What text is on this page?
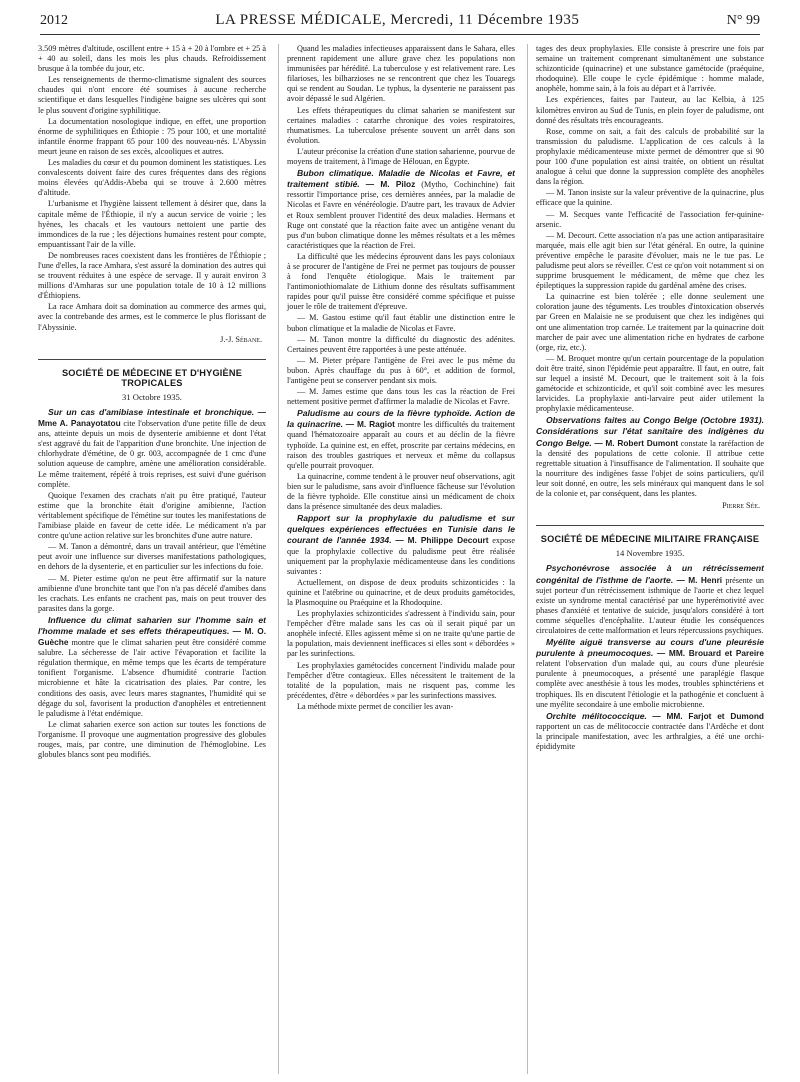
2012	LA PRESSE MÉDICALE, Mercredi, 11 Décembre 1935	N° 99

3.509 mètres d'altitude, oscillent entre + 15 à + 20 à l'ombre et + 25 à + 40 au soleil, dans les mois les plus chauds. Refroidissement brusque à la tombée du jour, etc.

Les renseignements de thermo-climatisme signalent des sources chaudes qui n'ont encore été soumises à aucune recherche scientifique et dans lesquelles l'indigène baigne ses ulcères qui sont le plus souvent d'origine syphilitique.

La documentation nosologique indique, en effet, une proportion énorme de syphilitiques en Éthiopie : 75 pour 100, et une mortalité infantile énorme frappant 65 pour 100 des nouveau-nés. L'Abyssin meurt jeune en raison de ses excès, alcooliques et autres.

Les maladies du cœur et du poumon dominent les statistiques. Les convalescents doivent faire des cures fréquentes dans des régions moins élevées qu'Addis-Abeba qui se trouve à 2.600 mètres d'altitude.

L'urbanisme et l'hygiène laissent tellement à désirer que, dans la capitale même de l'Éthiopie, il n'y a aucun service de voirie ; les hyènes, les chacals et les vautours nettoient une partie des immondices de la rue ; les déjections humaines restent pour compte, empuantissant l'air de la ville.

De nombreuses races coexistent dans les frontières de l'Éthiopie ; l'une d'elles, la race Amhara, s'est assuré la domination des autres qui se trouvent réduites à une espèce de servage. Il y aurait environ 3 millions d'Amharas sur une population totale de 10 à 12 millions d'Éthiopiens.

La race Amhara doit sa domination au commerce des armes qui, avec la contrebande des armes, est le commerce le plus florissant de l'Abyssinie.

J.-J. Sébane.

SOCIÉTÉ DE MÉDECINE ET D'HYGIÈNE TROPICALES
31 Octobre 1935.

Sur un cas d'amibiase intestinale et bronchique. — Mme A. Panayotatou cite l'observation d'une petite fille de deux ans, atteinte depuis un mois de dysenterie amibienne et dont l'état s'est aggravé du fait de l'apparition d'une bronchite. Une injection de chlorhydrate d'émétine, de 0 gr. 003, accompagnée de 1 cmc d'une solution aqueuse de camphre, amène une amélioration considérable. Le même traitement, répété à trois reprises, est suivi d'une guérison complète.

Quoique l'examen des crachats n'ait pu être pratiqué, l'auteur estime que la bronchite était d'origine amibienne, l'action véritablement spécifique de l'émétine sur toutes les manifestations de l'amibiase plaide en faveur de cette idée. Le médicament n'a par contre qu'une action relative sur les bronchites d'une autre nature.

— M. Tanon a démontré, dans un travail antérieur, que l'émétine peut avoir une influence sur diverses manifestations pathologiques, en dehors de la dysenterie, et en particulier sur les infections du foie.

— M. Pieter estime qu'on ne peut être affirmatif sur la nature amibienne d'une bronchite tant que l'on n'a pas décelé d'amibes dans les crachats. Les enfants ne crachent pas, mais on peut trouver des parasites dans la gorge.

Influence du climat saharien sur l'homme sain et l'homme malade et ses effets thérapeutiques. — M. O. Guèche montre que le climat saharien peut être considéré comme salubre. La sécheresse de l'air active l'évaporation et facilite la régulation thermique, en même temps que les écarts de température tonifient l'organisme. L'absence d'humidité contrarie l'action microbienne et hâte la cicatrisation des plaies. Par contre, les conditions des oasis, avec leurs mares stagnantes, l'humidité qui se dégage du sol, favorisent la production d'anophèles et entretiennent le paludisme à l'état endémique.

Le climat saharien exerce son action sur toutes les fonctions de l'organisme. Il provoque une augmentation progressive des globules rouges, mais, par contre, une diminution de l'hémoglobine. Les globules blancs sont peu modifiés.

Quand les maladies infectieuses apparaissent dans le Sahara, elles prennent rapidement une allure grave chez les populations non immunisées par hérédité. La tuberculose y est relativement rare. Les filarioses, les bilharzioses ne se rencontrent que chez les Touaregs qui se rendent au Soudan. Le typhus, la dysenterie ne paraissent pas avoir dépassé le sud Algérien.

Les effets thérapeutiques du climat saharien se manifestent sur certaines maladies : catarrhe chronique des voies respiratoires, rhumatismes. La tuberculose présente souvent un arrêt dans son évolution.

L'auteur préconise la création d'une station saharienne, pourvue de moyens de traitement, à l'image de Hélouan, en Égypte.

Bubon climatique. Maladie de Nicolas et Favre, et traitement stibié. — M. Piloz (Mytho, Cochinchine) fait ressortir l'importance prise, ces dernières années, par la maladie de Nicolas et Favre en vénéréologie. D'autre part, les travaux de Advier et Roux semblent prouver l'identité des deux maladies. Hermans et Ruge ont constaté que la réaction faite avec un antigène venant du pus d'un bubon climatique donne les mêmes résultats et a les mêmes caractéristiques que la réaction de Frei.

La difficulté que les médecins éprouvent dans les pays coloniaux à se procurer de l'antigène de Frei ne permet pas toujours de pousser à fond l'enquête étiologique. Mais le traitement par l'antimoniothiomalate de Lithium donne des résultats suffisamment rapides pour qu'il puisse être considéré comme spécifique et puisse jouer le rôle de traitement d'épreuve.

— M. Gastou estime qu'il faut établir une distinction entre le bubon climatique et la maladie de Nicolas et Favre.

— M. Tanon montre la difficulté du diagnostic des adénites. Certaines peuvent être rapportées à une peste atténuée.

— M. Pieter prépare l'antigène de Frei avec le pus même du bubon. Après chauffage du pus à 60°, et addition de formol, l'antigène peut se conserver pendant six mois.

— M. James estime que dans tous les cas la réaction de Frei nettement positive permet d'affirmer la maladie de Nicolas et Favre.

Paludisme au cours de la fièvre typhoïde. Action de la quinacrine. — M. Ragiot montre les difficultés du traitement quand l'hématozoaire apparaît au cours et au déclin de la fièvre typhoïde. La quinine est, en effet, proscrite par certains médecins, en raison des troubles gastriques et nerveux et même du collapsus qu'elle pourrait provoquer.

La quinacrine, comme tendent à le prouver neuf observations, agit bien sur le paludisme, sans avoir d'influence fâcheuse sur l'évolution de la fièvre typhoïde. Elle constitue ainsi un médicament de choix dans la présence simultanée des deux maladies.

Rapport sur la prophylaxie du paludisme et sur quelques expériences effectuées en Tunisie dans le courant de l'année 1934. — M. Philippe Decourt expose que la prophylaxie collective du paludisme peut être réalisée uniquement par la prophylaxie médicamenteuse dans les conditions suivantes :

Actuellement, on dispose de deux produits schizonticides : la quinine et l'atébrine ou quinacrine, et de deux produits gamétocides, la Plasmoquine ou Praéquine et la Rhodoquine.

Les prophylaxies schizonticides s'adressent à l'individu sain, pour l'empêcher d'être malade sans les cas où il serait piqué par un anophèle infecté. Elles agissent même si on ne traite qu'une partie de la population, mais deviennent inefficaces si elles sont « débordées » par les surinfections.

Les prophylaxies gamétocides concernent l'individu malade pour l'empêcher d'être contagieux. Elles nécessitent le traitement de la totalité de la population, mais ne risquent pas, comme les précédentes, d'être « débordées » par les surinfections massives.

La méthode mixte permet de concilier les avan-

tages des deux prophylaxies. Elle consiste à prescrire une fois par semaine un traitement comprenant simultanément une substance schizonticide (quinacrine) et une substance gamétocide (praéquine, rhodoquine). Elle coupe le cycle épidémique : homme malade, anophèle, homme sain, à la fois au départ et à l'arrivée.

Les expériences, faites par l'auteur, au lac Kelbia, à 125 kilomètres environ au Sud de Tunis, en plein foyer de paludisme, ont donné des résultats très encourageants.

Rose, comme on sait, a fait des calculs de probabilité sur la transmission du paludisme. L'application de ces calculs à la prophylaxie médicamenteuse mixte permet de démontrer que si 90 pour 100 d'une population est ainsi traitée, on obtient un résultat analogue à celui que donne la suppression complète des anophèles dans la région.

— M. Tanon insiste sur la valeur préventive de la quinacrine, plus efficace que la quinine.

— M. Secques vante l'efficacité de l'association fer-quinine-arsenic.

— M. Decourt. Cette association n'a pas une action antiparasitaire marquée, mais elle agit bien sur l'état général. En outre, la quinine préventive empêche le parasite d'évoluer, mais ne le tue pas. Le paludisme peut alors se réveiller. C'est ce qu'on voit notamment si on supprime brusquement le médicament, de même que chez les épileptiques la suppression rapide du gardénal amène des crises.

La quinacrine est bien tolérée ; elle donne seulement une coloration jaune des téguments. Les troubles d'intoxication observés par Green en Malaisie ne se produisent que chez les indigènes qui ont une alimentation trop carnée. Le traitement par la quinacrine doit marcher de pair avec une alimentation riche en hydrates de carbone (orge, riz, etc.).

— M. Broquet montre qu'un certain pourcentage de la population doit être traité, sinon l'épidémie peut apparaître. Il faut, en outre, fait sur lequel a insisté M. Decourt, que le traitement soit à la fois gamétocide et schizonticide, et qu'il soit combiné avec les mesures larvicides. La prophylaxie anti-larvaire peut aider utilement la prophylaxie médicamenteuse.

Observations faites au Congo Belge (Octobre 1931). Considérations sur l'état sanitaire des indigènes du Congo Belge. — M. Robert Dumont constate la raréfaction de la densité des populations de cette colonie. Il attribue cette regrettable situation à l'insuffisance de l'alimentation. Il souhaite que la nourriture des indigènes fasse l'objet de soins particuliers, qu'il leur soit donné, en outre, les sels minéraux qui manquent dans le sol de la colonie et, par conséquent, dans les plantes.

Pierre Sée.

SOCIÉTÉ DE MÉDECINE MILITAIRE FRANÇAISE
14 Novembre 1935.

Psychonévrose associée à un rétrécissement congénital de l'isthme de l'aorte. — M. Henri présente un sujet porteur d'un rétrécissement isthmique de l'aorte et chez lequel existe un syndrome mental caractérisé par une hyperémotivité avec phases d'anxiété et tentative de suicide, jusqu'alors considéré à tort comme séquelles d'encéphalite. L'auteur étudie les conséquences circulatoires de cette malformation et leurs répercussions psychiques.

Myélite aiguë transverse au cours d'une pleurésie purulente à pneumocoques. — MM. Brouard et Pareire relatent l'observation d'un malade qui, au cours d'une pleurésie purulente à pneumocoques, a présenté une paraplégie flasque complète avec anesthésie à tous les modes, troubles sphinctériens et trophiques. Ils en discutent l'étiologie et la pathogénie et concluent à une myélite secondaire à une embolie microbienne.

Orchite mélitococcique. — MM. Farjot et Dumond rapportent un cas de mélitococcie contractée dans l'Ardèche et dont la principale manifestation, avec les arthralgies, a été une orchi-épididymite
